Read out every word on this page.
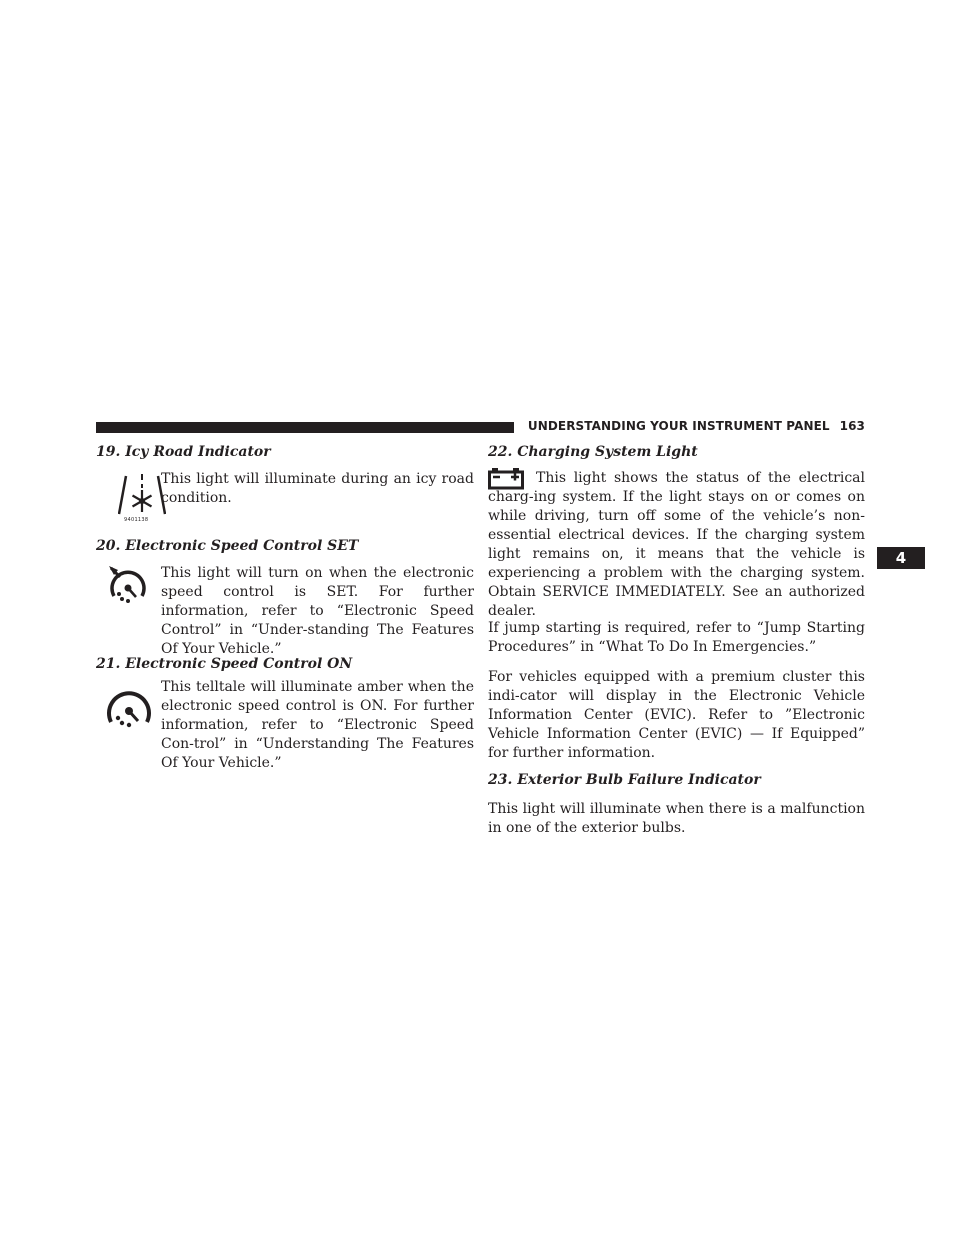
UNDERSTANDING YOUR INSTRUMENT PANEL 163
4

19. Icy Road Indicator

9401138

This light will illuminate during an icy road condition.

20. Electronic Speed Control SET

This light will turn on when the electronic speed control is SET. For further information, refer to “Electronic Speed Control” in “Under-standing The Features Of Your Vehicle.”

21. Electronic Speed Control ON

This telltale will illuminate amber when the electronic speed control is ON. For further information, refer to “Electronic Speed Con-trol” in “Understanding The Features Of Your Vehicle.”

22. Charging System Light

This light shows the status of the electrical charg-ing system. If the light stays on or comes on while driving, turn off some of the vehicle’s non-essential electrical devices. If the charging system light remains on, it means that the vehicle is experiencing a problem with the charging system. Obtain SERVICE IMMEDIATELY. See an authorized dealer.

If jump starting is required, refer to “Jump Starting Procedures” in “What To Do In Emergencies.”

For vehicles equipped with a premium cluster this indi-cator will display in the Electronic Vehicle Information Center (EVIC). Refer to ”Electronic Vehicle Information Center (EVIC) — If Equipped” for further information.

23. Exterior Bulb Failure Indicator

This light will illuminate when there is a malfunction in one of the exterior bulbs.
